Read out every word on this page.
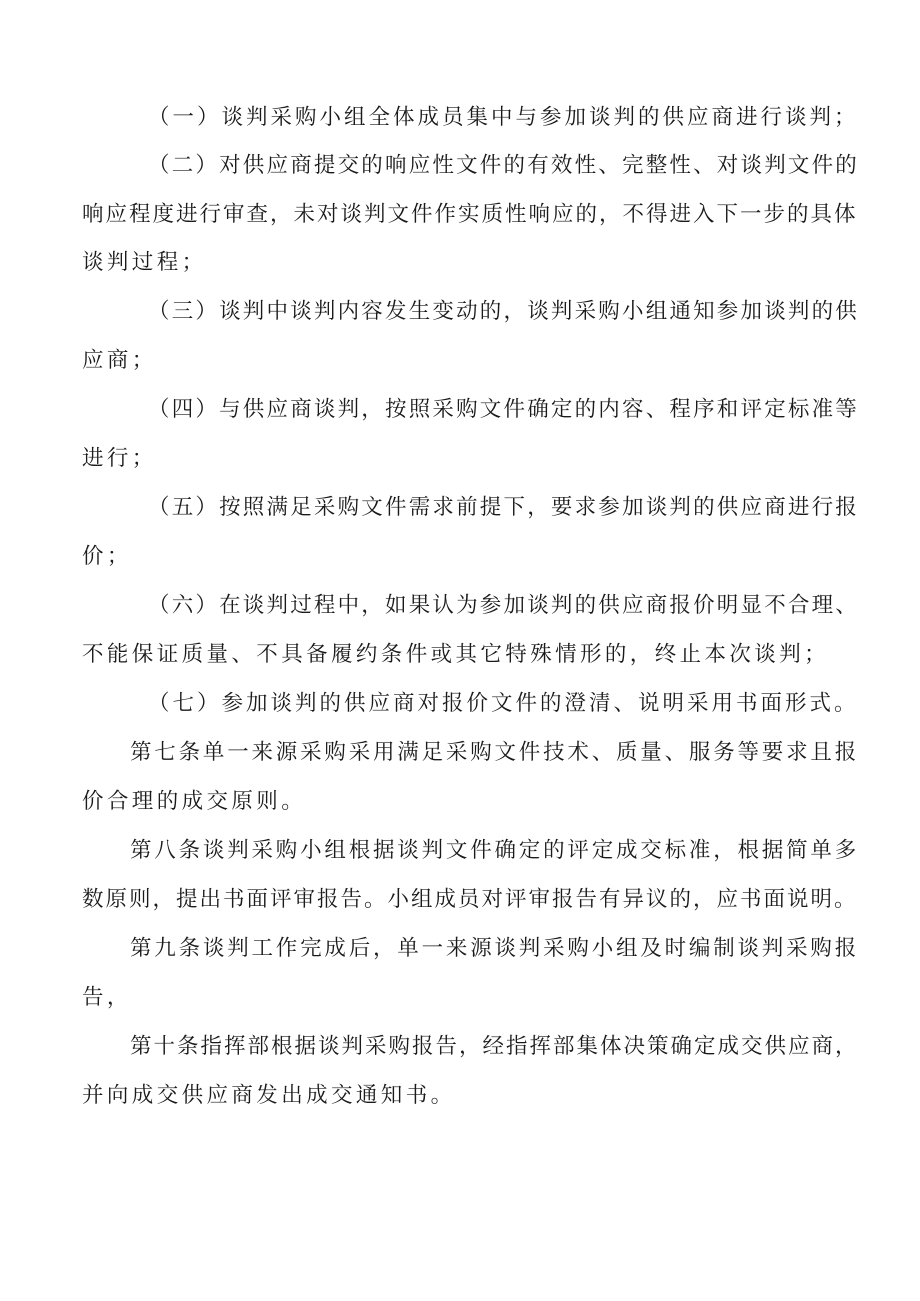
（一）谈判采购小组全体成员集中与参加谈判的供应商进行谈判；
（二）对供应商提交的响应性文件的有效性、完整性、对谈判文件的
响应程度进行审查，未对谈判文件作实质性响应的，不得进入下一步的具体
谈判过程；
（三）谈判中谈判内容发生变动的，谈判采购小组通知参加谈判的供
应商；
（四）与供应商谈判，按照采购文件确定的内容、程序和评定标准等
进行；
（五）按照满足采购文件需求前提下，要求参加谈判的供应商进行报
价；
（六）在谈判过程中，如果认为参加谈判的供应商报价明显不合理、
不能保证质量、不具备履约条件或其它特殊情形的，终止本次谈判；
（七）参加谈判的供应商对报价文件的澄清、说明采用书面形式。
第七条单一来源采购采用满足采购文件技术、质量、服务等要求且报
价合理的成交原则。
第八条谈判采购小组根据谈判文件确定的评定成交标准，根据简单多
数原则，提出书面评审报告。小组成员对评审报告有异议的，应书面说明。
第九条谈判工作完成后，单一来源谈判采购小组及时编制谈判采购报
告，
第十条指挥部根据谈判采购报告，经指挥部集体决策确定成交供应商，
并向成交供应商发出成交通知书。
